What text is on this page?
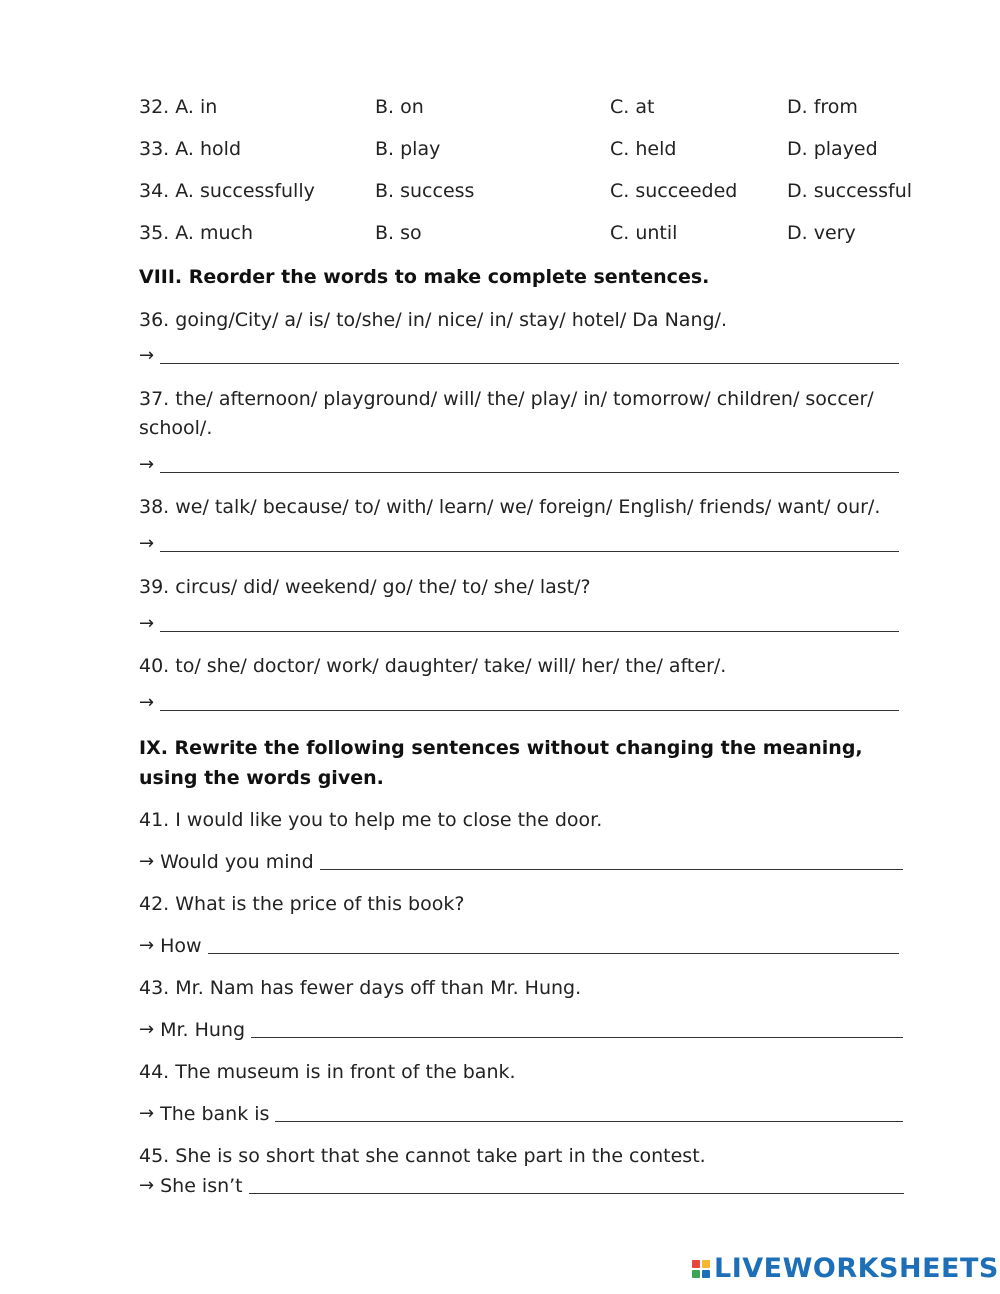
32. A. in	B. on	C. at	D. from
33. A. hold	B. play	C. held	D. played
34. A. successfully	B. success	C. succeeded	D. successful
35. A. much	B. so	C. until	D. very
VIII. Reorder the words to make complete sentences.
36. going/City/ a/ is/ to/she/ in/ nice/ in/ stay/ hotel/ Da Nang/.
→
37. the/ afternoon/ playground/ will/ the/ play/ in/ tomorrow/ children/ soccer/ school/.
→
38. we/ talk/ because/ to/ with/ learn/ we/ foreign/ English/ friends/ want/ our/.
→
39. circus/ did/ weekend/ go/ the/ to/ she/ last/?
→
40. to/ she/ doctor/ work/ daughter/ take/ will/ her/ the/ after/.
→
IX. Rewrite the following sentences without changing the meaning, using the words given.
41. I would like you to help me to close the door.
→ Would you mind
42. What is the price of this book?
→ How
43. Mr. Nam has fewer days off than Mr. Hung.
→ Mr. Hung
44. The museum is in front of the bank.
→ The bank is
45. She is so short that she cannot take part in the contest.
→ She isn’t
LIVEWORKSHEETS
